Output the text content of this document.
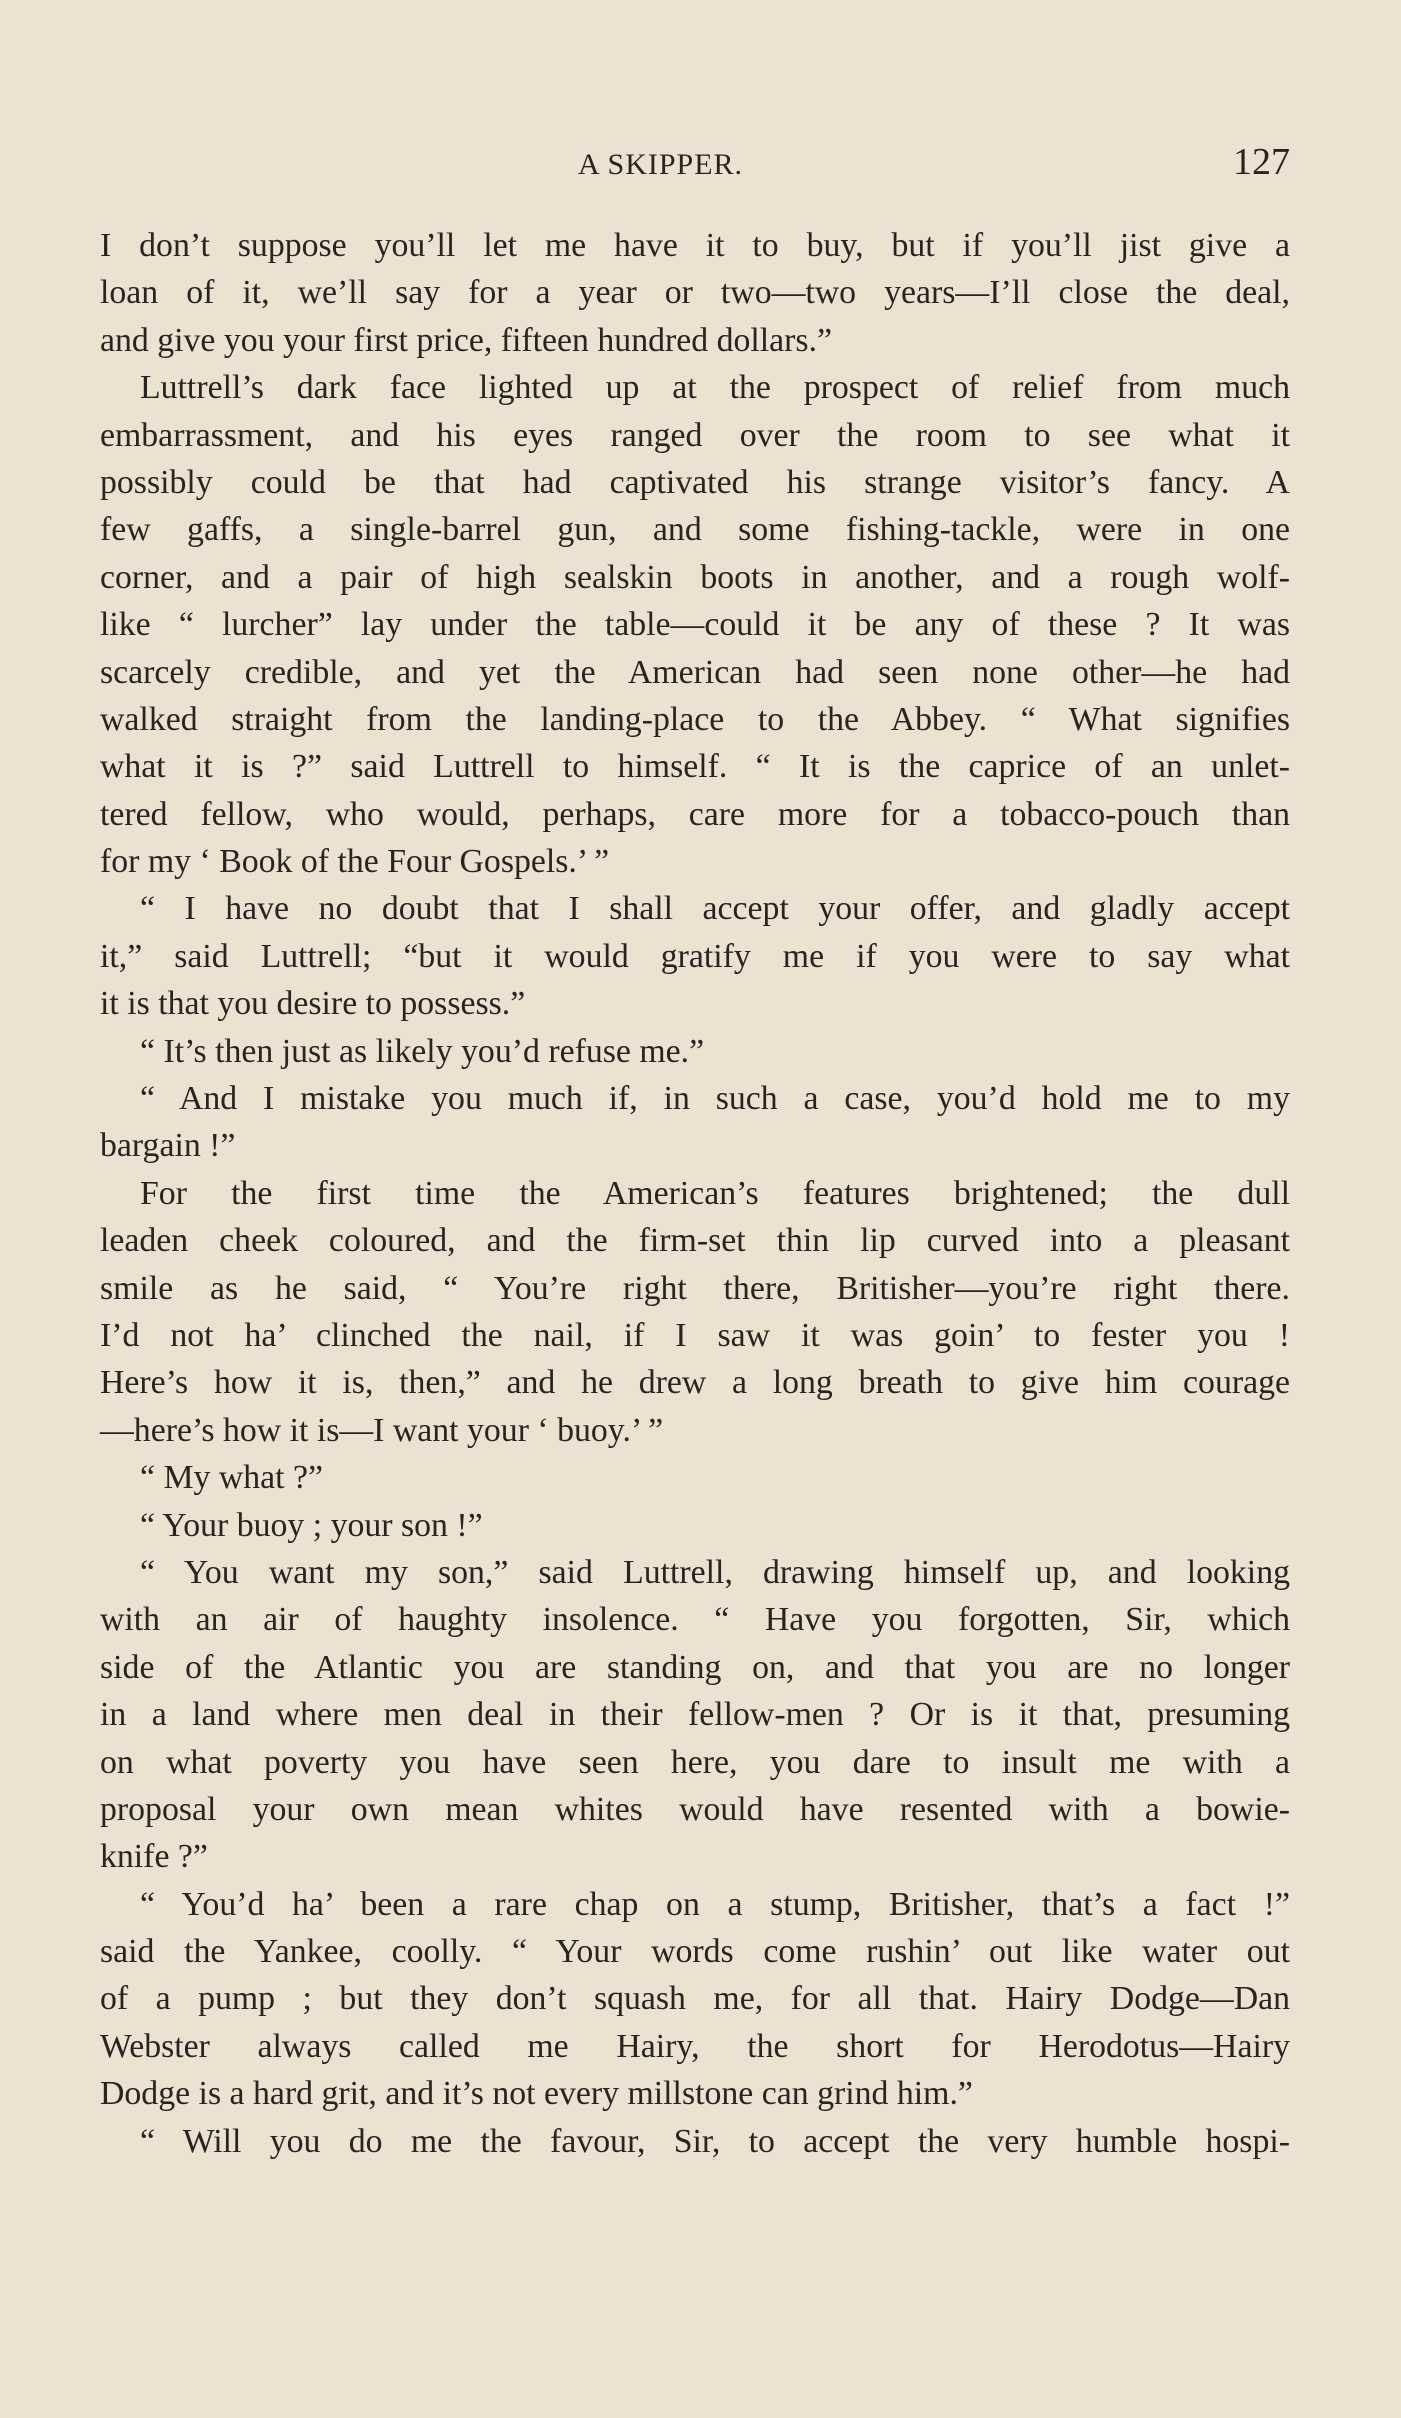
A SKIPPER.	127
I don’t suppose you’ll let me have it to buy, but if you’ll jist give a
loan of it, we’ll say for a year or two—two years—I’ll close the deal,
and give you your first price, fifteen hundred dollars.”
Luttrell’s dark face lighted up at the prospect of relief from much
embarrassment, and his eyes ranged over the room to see what it
possibly could be that had captivated his strange visitor’s fancy. A
few gaffs, a single-barrel gun, and some fishing-tackle, were in one
corner, and a pair of high sealskin boots in another, and a rough wolf-
like “ lurcher” lay under the table—could it be any of these ? It was
scarcely credible, and yet the American had seen none other—he had
walked straight from the landing-place to the Abbey. “ What signifies
what it is ?” said Luttrell to himself. “ It is the caprice of an unlet-
tered fellow, who would, perhaps, care more for a tobacco-pouch than
for my ‘ Book of the Four Gospels.’ ”
“ I have no doubt that I shall accept your offer, and gladly accept
it,” said Luttrell; “but it would gratify me if you were to say what
it is that you desire to possess.”
“ It’s then just as likely you’d refuse me.”
“ And I mistake you much if, in such a case, you’d hold me to my
bargain !”
For the first time the American’s features brightened; the dull
leaden cheek coloured, and the firm-set thin lip curved into a pleasant
smile as he said, “ You’re right there, Britisher—you’re right there.
I’d not ha’ clinched the nail, if I saw it was goin’ to fester you !
Here’s how it is, then,” and he drew a long breath to give him courage
—here’s how it is—I want your ‘ buoy.’ ”
“ My what ?”
“ Your buoy ; your son !”
“ You want my son,” said Luttrell, drawing himself up, and looking
with an air of haughty insolence. “ Have you forgotten, Sir, which
side of the Atlantic you are standing on, and that you are no longer
in a land where men deal in their fellow-men ? Or is it that, presuming
on what poverty you have seen here, you dare to insult me with a
proposal your own mean whites would have resented with a bowie-
knife ?”
“ You’d ha’ been a rare chap on a stump, Britisher, that’s a fact !”
said the Yankee, coolly. “ Your words come rushin’ out like water out
of a pump ; but they don’t squash me, for all that. Hairy Dodge—Dan
Webster always called me Hairy, the short for Herodotus—Hairy
Dodge is a hard grit, and it’s not every millstone can grind him.”
“ Will you do me the favour, Sir, to accept the very humble hospi-
